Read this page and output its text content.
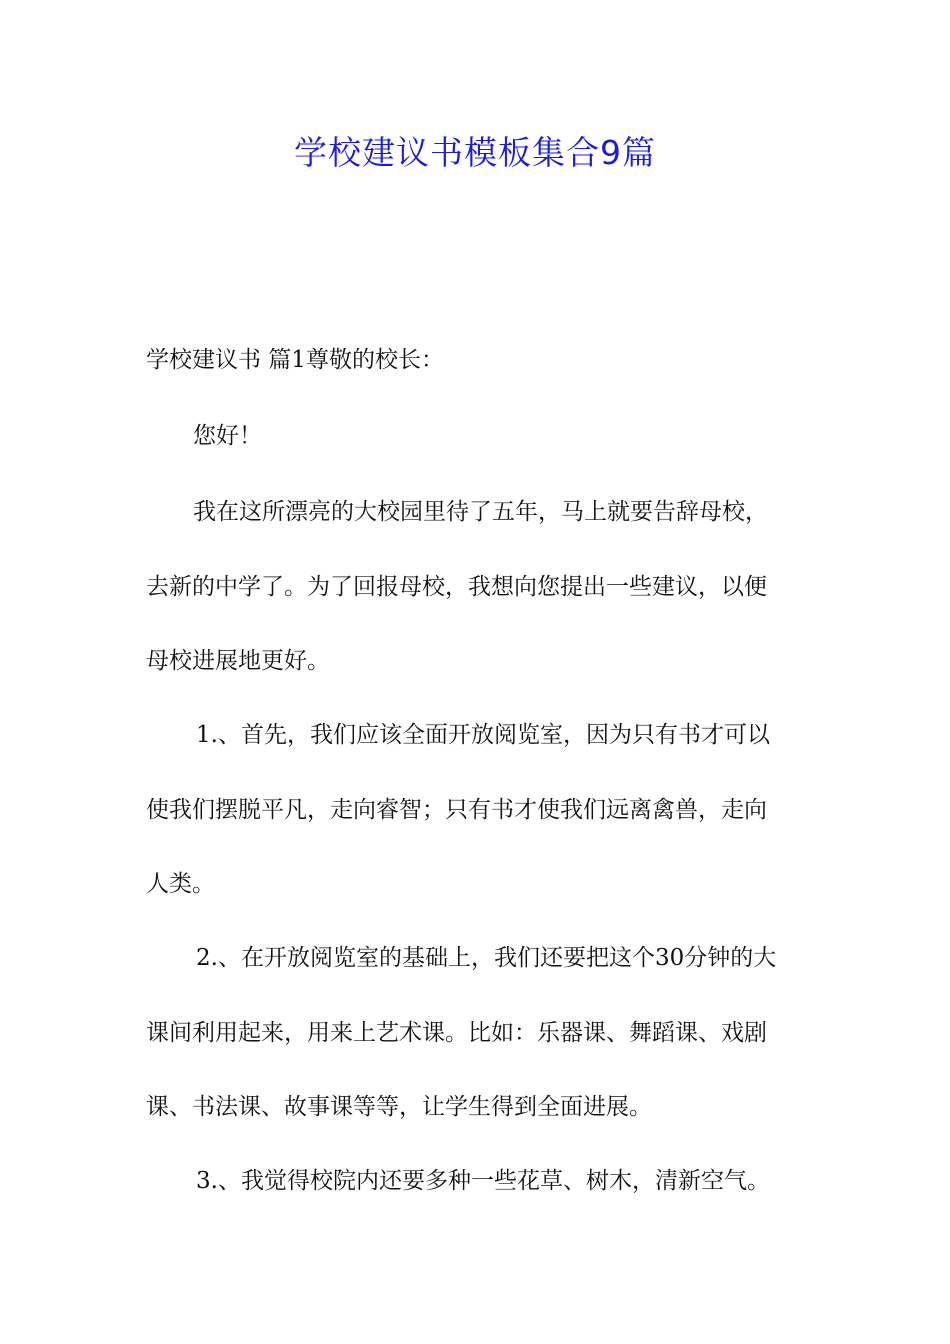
学校建议书模板集合9篇

学校建议书 篇1尊敬的校长：

您好！

我在这所漂亮的大校园里待了五年，马上就要告辞母校，

去新的中学了。为了回报母校，我想向您提出一些建议，以便

母校进展地更好。

1.、首先，我们应该全面开放阅览室，因为只有书才可以

使我们摆脱平凡，走向睿智；只有书才使我们远离禽兽，走向

人类。

2.、在开放阅览室的基础上，我们还要把这个30分钟的大

课间利用起来，用来上艺术课。比如：乐器课、舞蹈课、戏剧

课、书法课、故事课等等，让学生得到全面进展。

3.、我觉得校院内还要多种一些花草、树木，清新空气。
